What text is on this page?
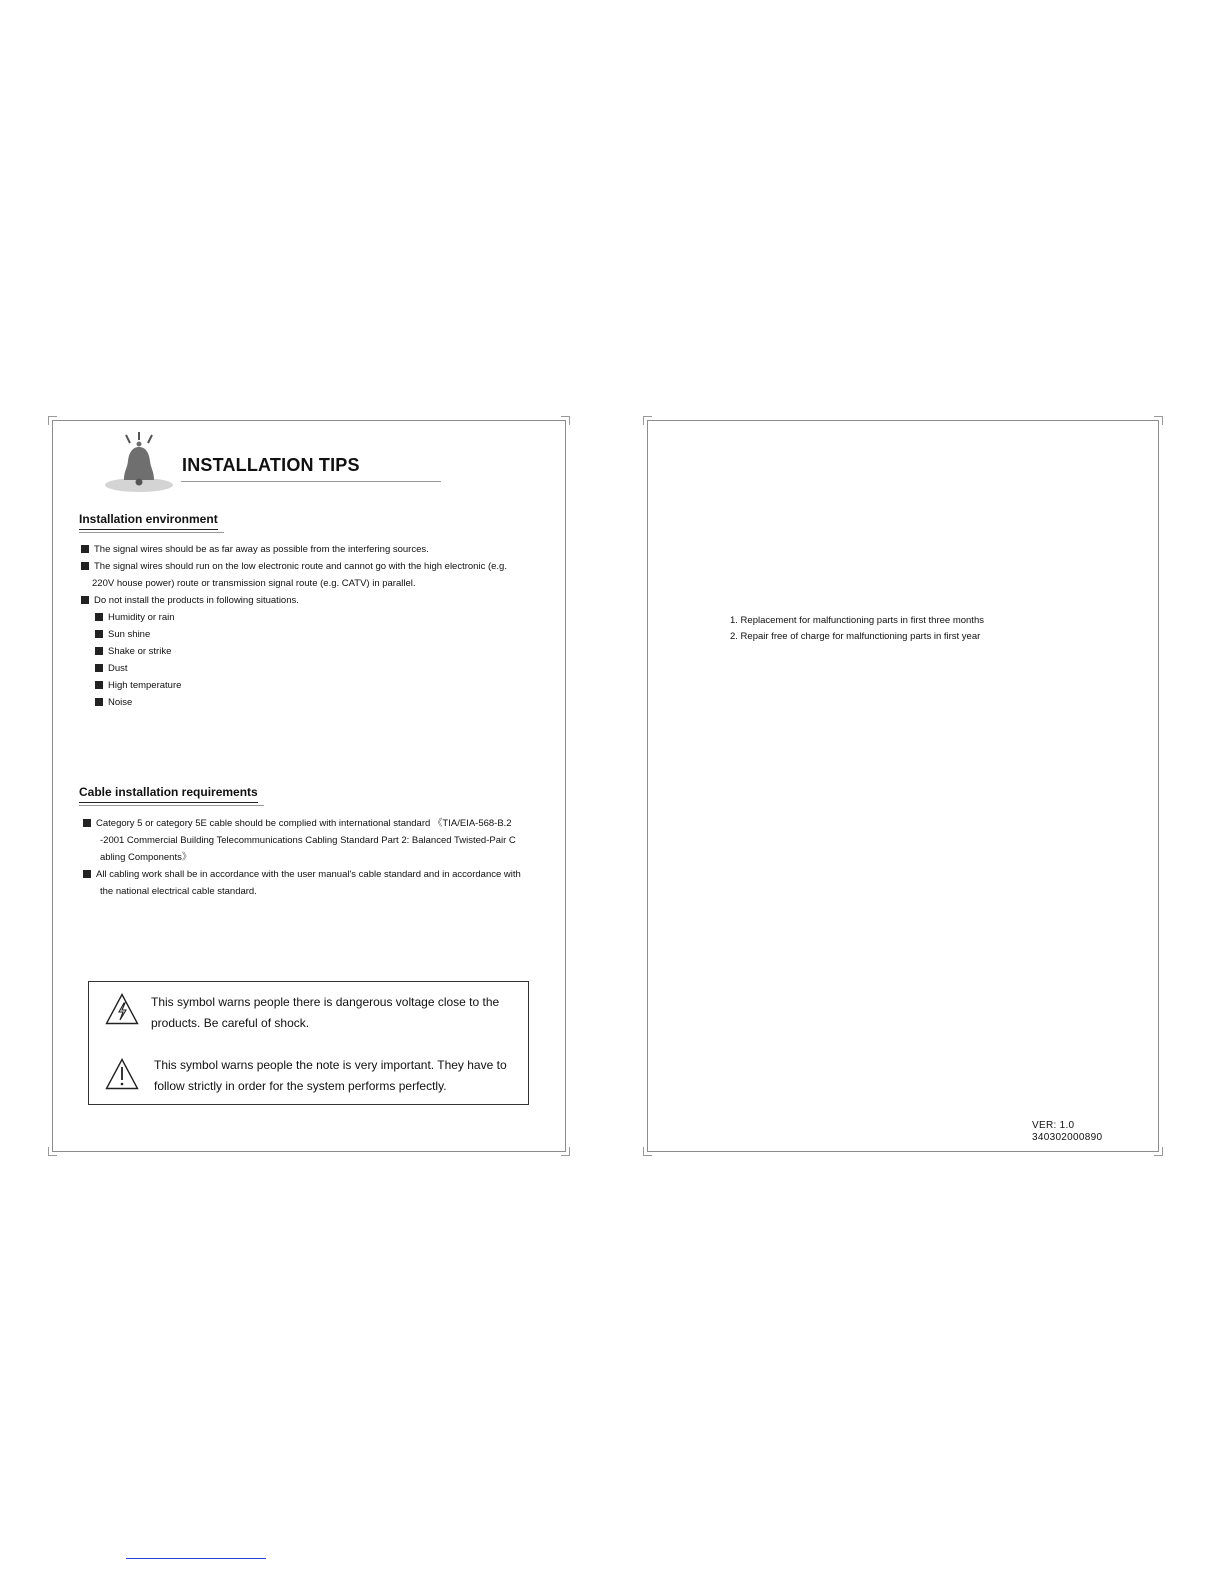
INSTALLATION TIPS
Installation environment
The signal wires should be as far away as possible from the interfering sources.
The signal wires should run on the low electronic route and cannot go with the high electronic (e.g.
220V house power) route or transmission signal route (e.g. CATV) in parallel.
Do not install the products in following situations.
Humidity or rain
Sun shine
Shake or strike
Dust
High temperature
Noise
Cable installation requirements
Category 5 or category 5E cable should be complied with international standard 《TIA/EIA-568-B.2
-2001 Commercial Building Telecommunications Cabling Standard Part 2: Balanced Twisted-Pair C
abling Components》
All cabling work shall be in accordance with the user manual's cable standard and in accordance with
the national electrical cable standard.
This symbol warns people there is dangerous voltage close to the products. Be careful of shock.
This symbol warns people the note is very important. They have to follow strictly in order for the system performs perfectly.
1. Replacement for malfunctioning parts in first three months
2. Repair free of charge for malfunctioning parts in first year
VER: 1.0
340302000890
